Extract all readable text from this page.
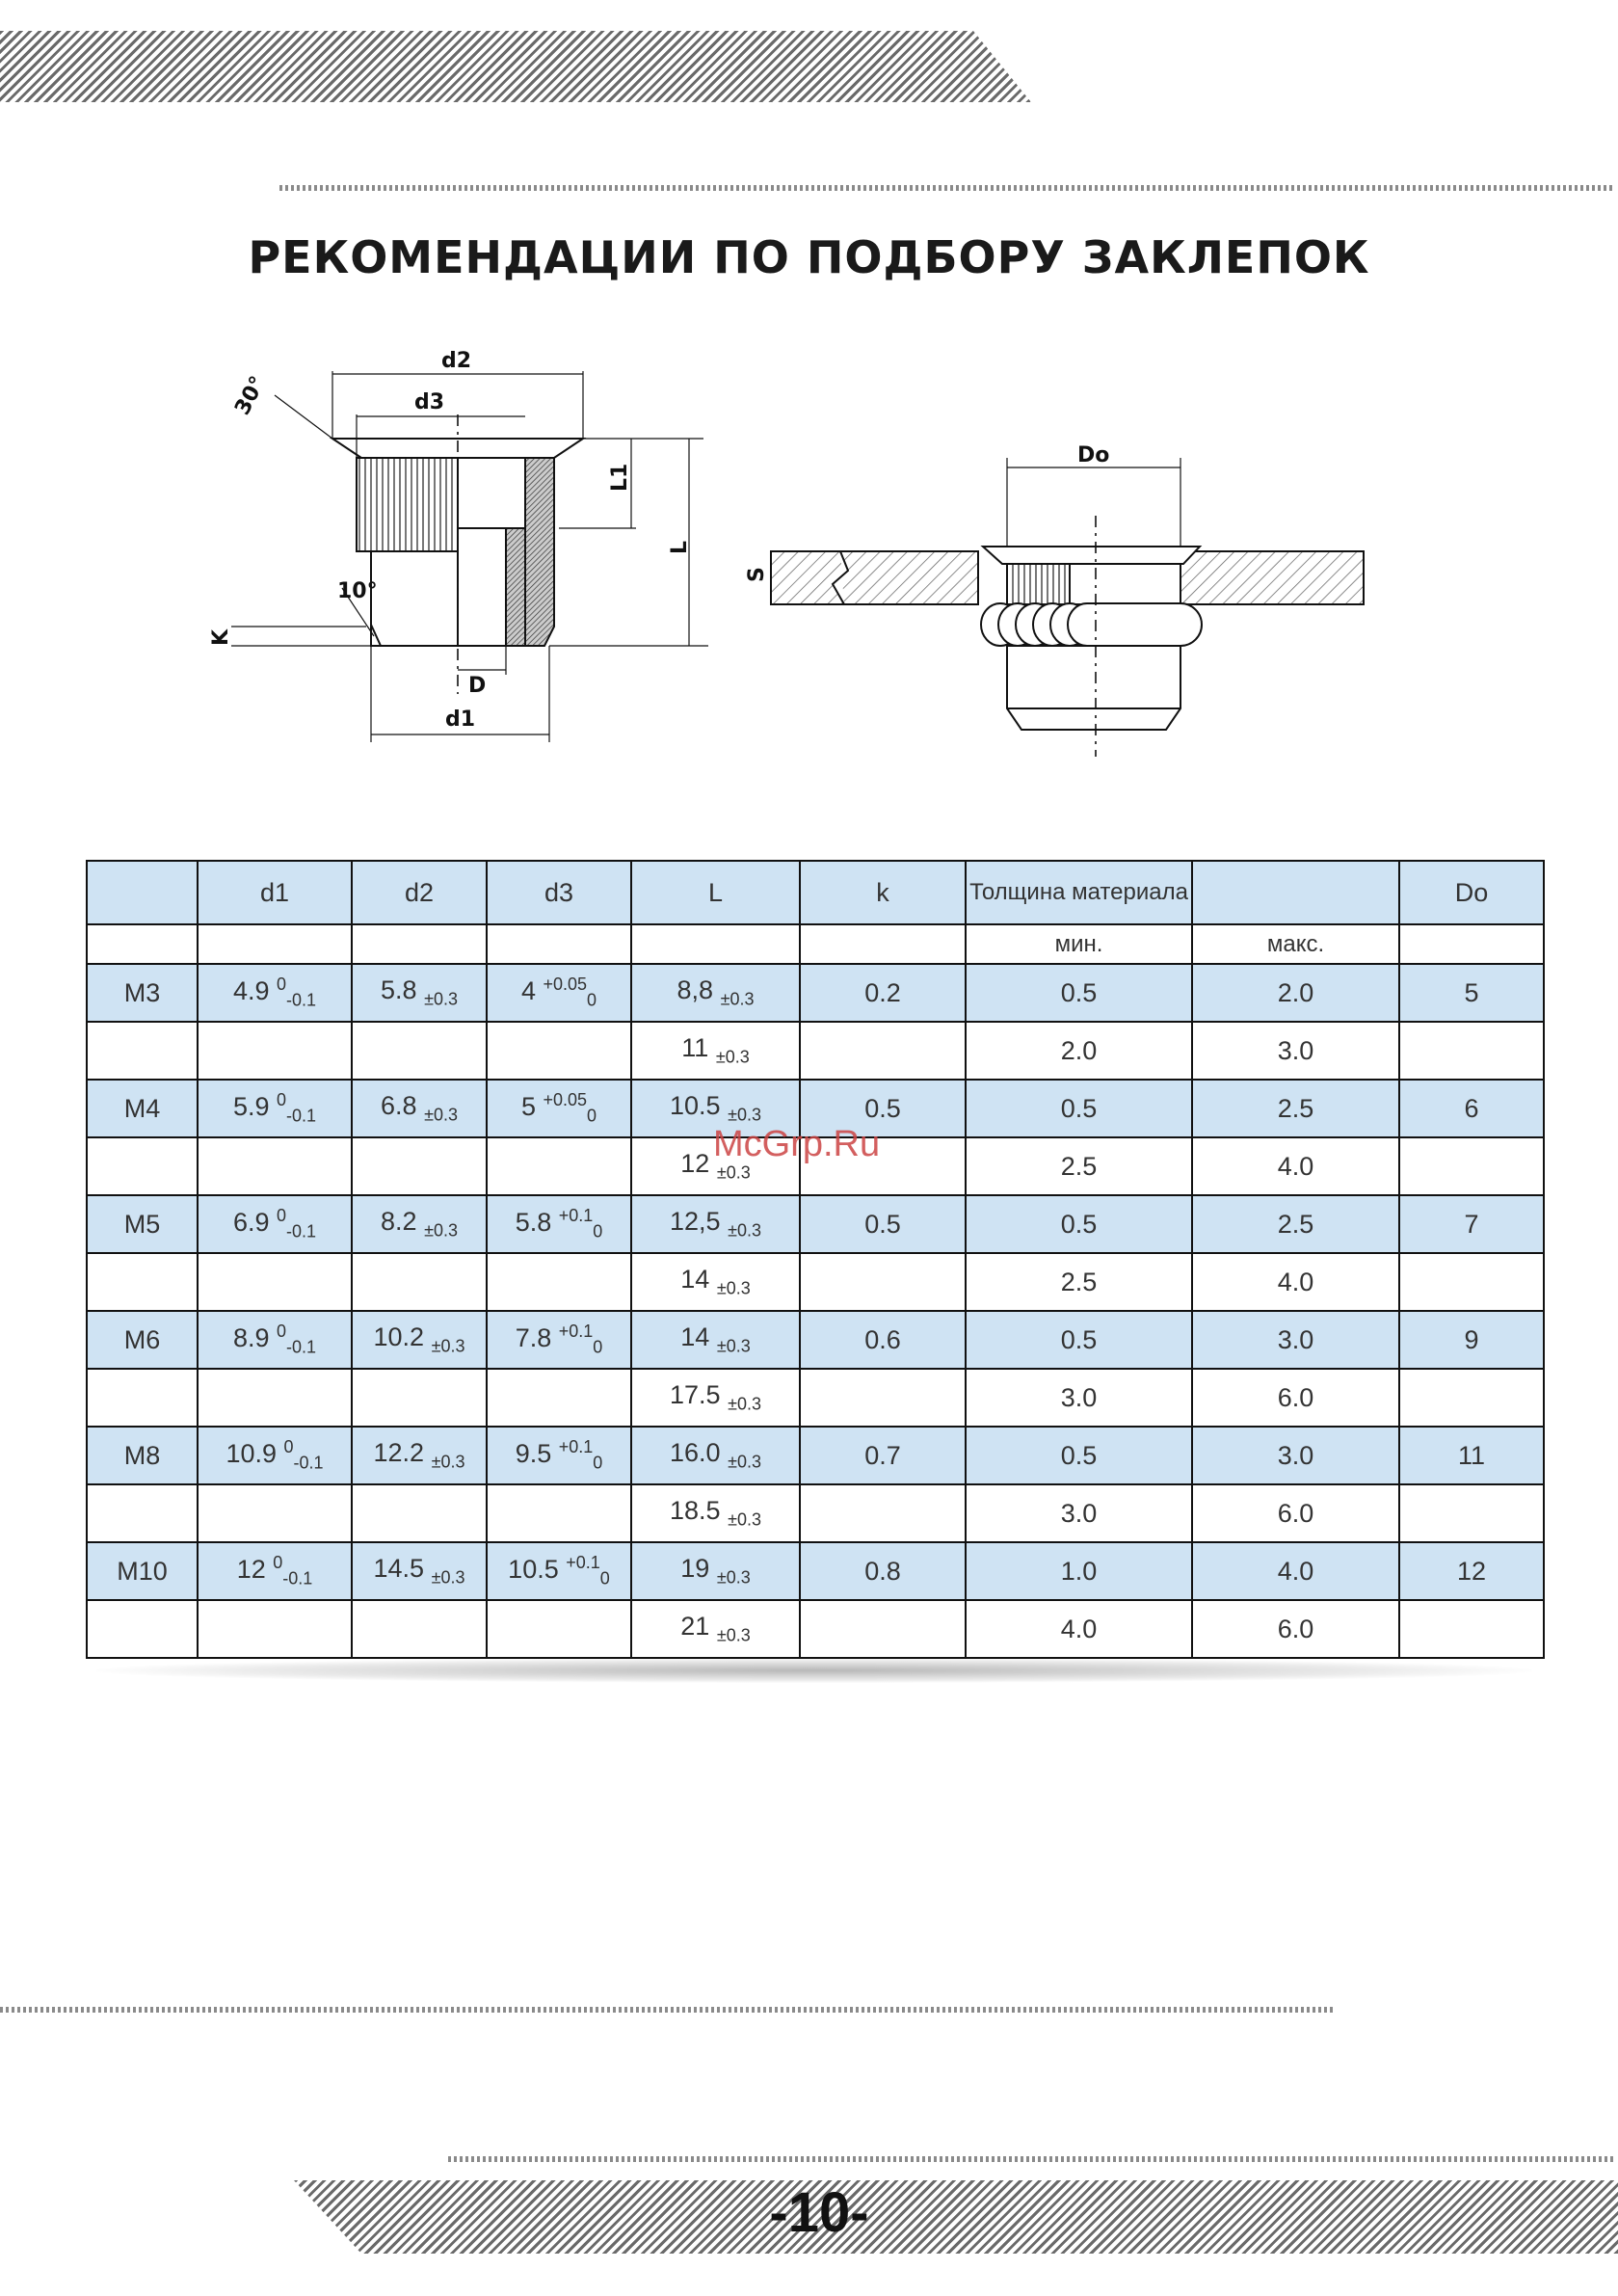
РЕКОМЕНДАЦИИ ПО ПОДБОРУ ЗАКЛЕПОК
d2
d3
30°
L1
L
10°
K
D
d1
Do
S
	d1	d2	d3	L	k	Толщина материала		Do
						мин.	макс.	
M3	4.9 $^0_{-0.1}$	5.8 $_{\pm 0.3}$	4 $^{+0.05}_0$	8,8 $_{\pm 0.3}$	0.2	0.5	2.0	5
				11 $_{\pm 0.3}$		2.0	3.0	
M4	5.9 $^0_{-0.1}$	6.8 $_{\pm 0.3}$	5 $^{+0.05}_0$	10.5 $_{\pm 0.3}$	0.5	0.5	2.5	6
				12 $_{\pm 0.3}$		2.5	4.0	
M5	6.9 $^0_{-0.1}$	8.2 $_{\pm 0.3}$	5.8 $^{+0.1}_0$	12,5 $_{\pm 0.3}$	0.5	0.5	2.5	7
				14 $_{\pm 0.3}$		2.5	4.0	
M6	8.9 $^0_{-0.1}$	10.2 $_{\pm 0.3}$	7.8 $^{+0.1}_0$	14 $_{\pm 0.3}$	0.6	0.5	3.0	9
				17.5 $_{\pm 0.3}$		3.0	6.0	
M8	10.9 $^0_{-0.1}$	12.2 $_{\pm 0.3}$	9.5 $^{+0.1}_0$	16.0 $_{\pm 0.3}$	0.7	0.5	3.0	11
				18.5 $_{\pm 0.3}$		3.0	6.0	
M10	12 $^0_{-0.1}$	14.5 $_{\pm 0.3}$	10.5 $^{+0.1}_0$	19 $_{\pm 0.3}$	0.8	1.0	4.0	12
				21 $_{\pm 0.3}$		4.0	6.0	
McGrp.Ru
-10-
